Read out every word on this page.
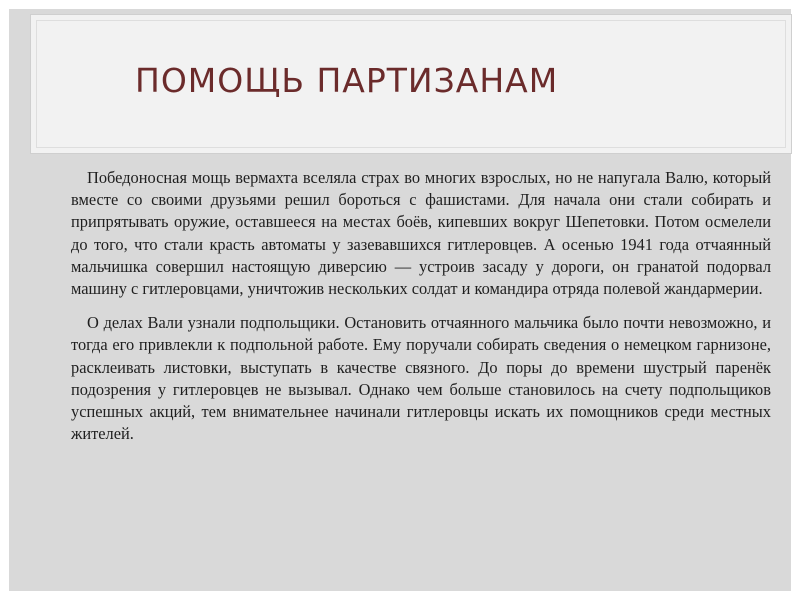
ПОМОЩЬ ПАРТИЗАНАМ

Победоносная мощь вермахта вселяла страх во многих взрослых, но не напугала Валю, который вместе со своими друзьями решил бороться с фашистами. Для начала они стали собирать и припрятывать оружие, оставшееся на местах боёв, кипевших вокруг Шепетовки. Потом осмелели до того, что стали красть автоматы у зазевавшихся гитлеровцев. А осенью 1941 года отчаянный мальчишка совершил настоящую диверсию — устроив засаду у дороги, он гранатой подорвал машину с гитлеровцами, уничтожив нескольких солдат и командира отряда полевой жандармерии.

О делах Вали узнали подпольщики. Остановить отчаянного мальчика было почти невозможно, и тогда его привлекли к подпольной работе. Ему поручали собирать сведения о немецком гарнизоне, расклеивать листовки, выступать в качестве связного. До поры до времени шустрый паренёк подозрения у гитлеровцев не вызывал. Однако чем больше становилось на счету подпольщиков успешных акций, тем внимательнее начинали гитлеровцы искать их помощников среди местных жителей.
